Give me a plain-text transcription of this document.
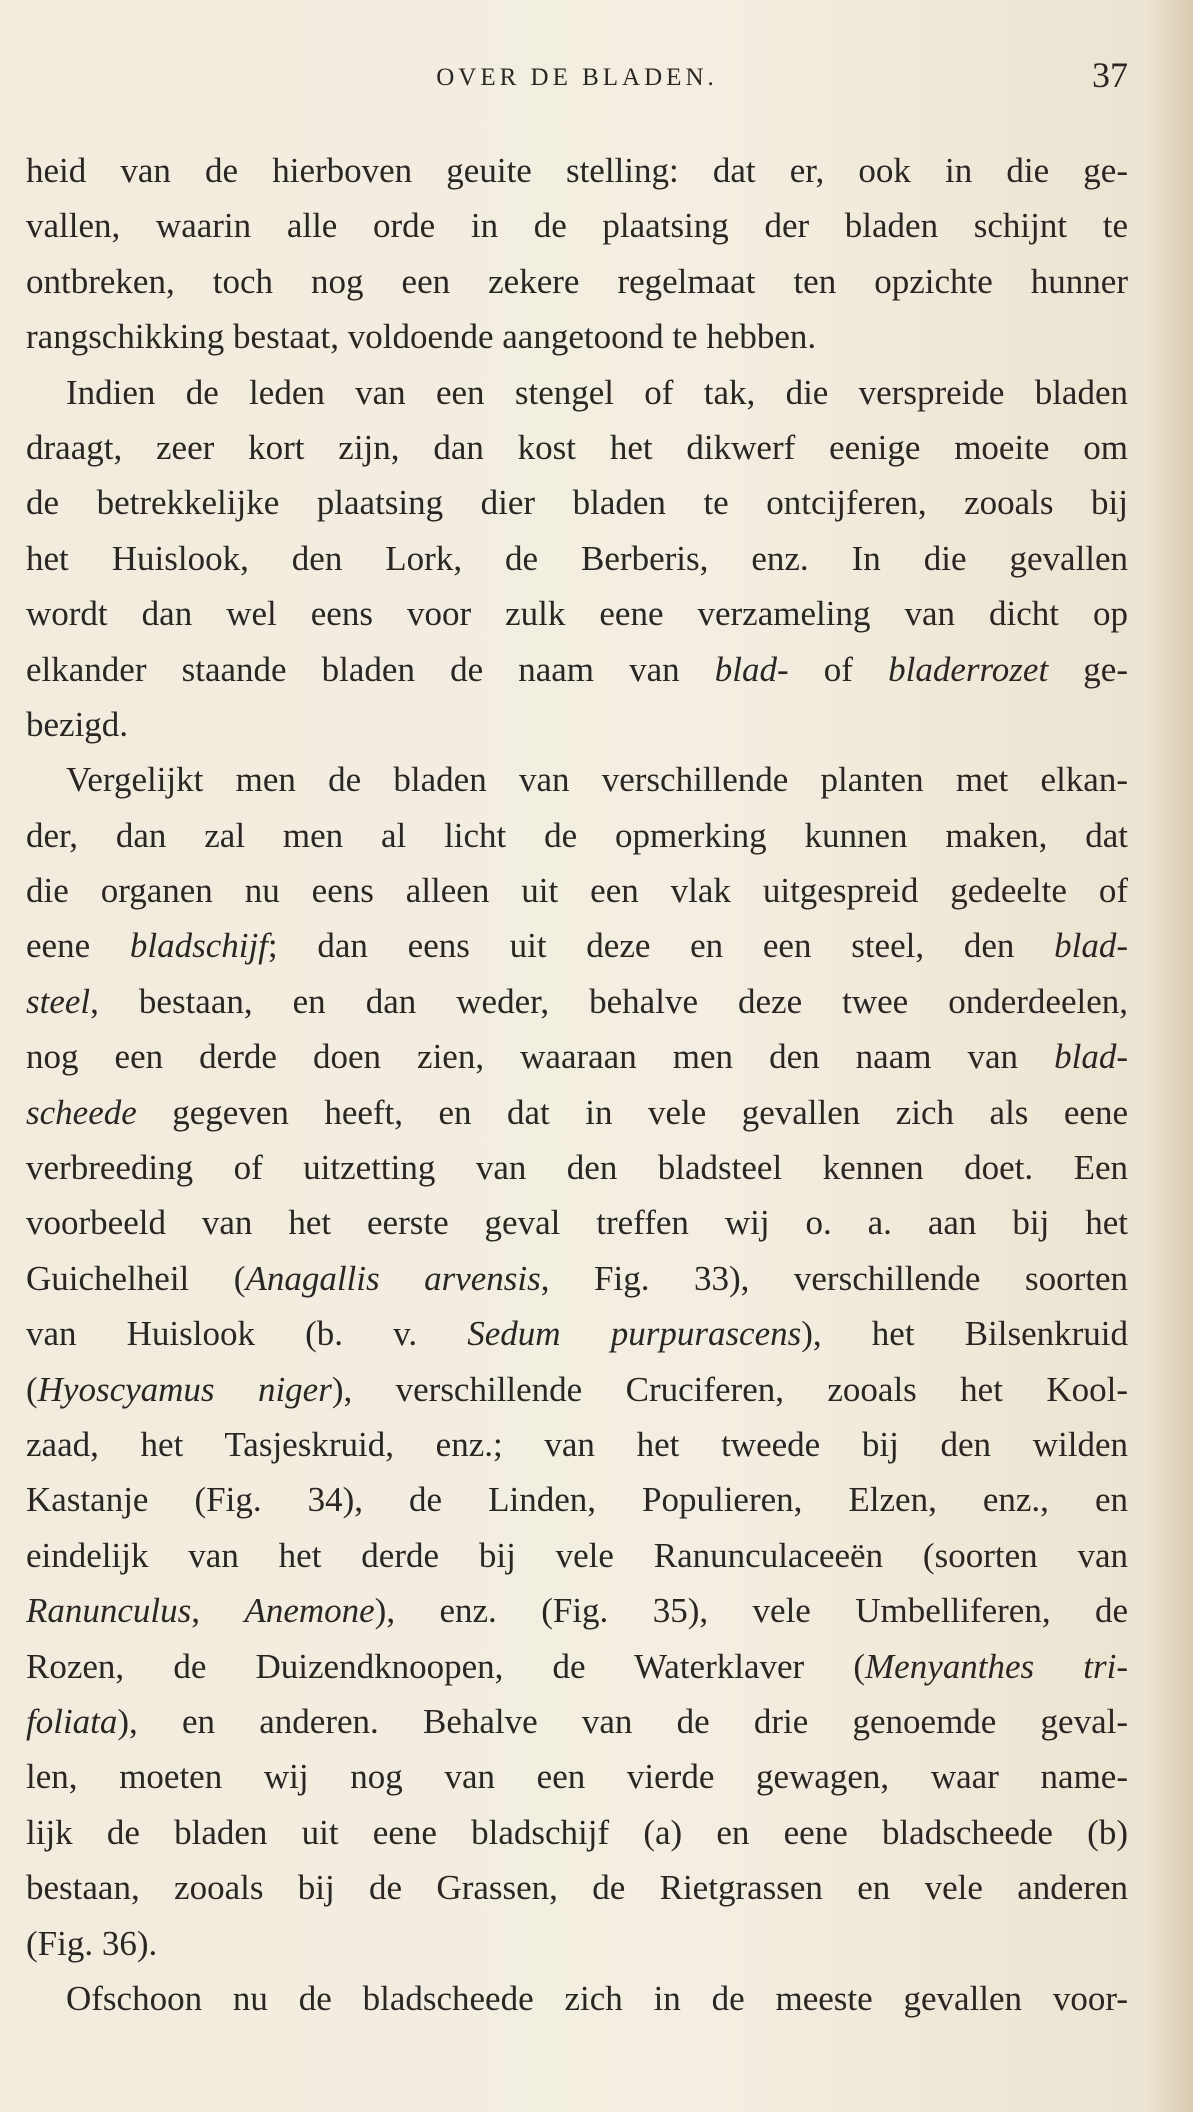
OVER DE BLADEN.	37
heid van de hierboven geuite stelling: dat er, ook in die ge-
vallen, waarin alle orde in de plaatsing der bladen schijnt te
ontbreken, toch nog een zekere regelmaat ten opzichte hunner
rangschikking bestaat, voldoende aangetoond te hebben.
Indien de leden van een stengel of tak, die verspreide bladen
draagt, zeer kort zijn, dan kost het dikwerf eenige moeite om
de betrekkelijke plaatsing dier bladen te ontcijferen, zooals bij
het Huislook, den Lork, de Berberis, enz. In die gevallen
wordt dan wel eens voor zulk eene verzameling van dicht op
elkander staande bladen de naam van blad- of bladerrozet ge-
bezigd.
Vergelijkt men de bladen van verschillende planten met elkan-
der, dan zal men al licht de opmerking kunnen maken, dat
die organen nu eens alleen uit een vlak uitgespreid gedeelte of
eene bladschijf; dan eens uit deze en een steel, den blad-
steel, bestaan, en dan weder, behalve deze twee onderdeelen,
nog een derde doen zien, waaraan men den naam van blad-
scheede gegeven heeft, en dat in vele gevallen zich als eene
verbreeding of uitzetting van den bladsteel kennen doet. Een
voorbeeld van het eerste geval treffen wij o. a. aan bij het
Guichelheil (Anagallis arvensis, Fig. 33), verschillende soorten
van Huislook (b. v. Sedum purpurascens), het Bilsenkruid
(Hyoscyamus niger), verschillende Cruciferen, zooals het Kool-
zaad, het Tasjeskruid, enz.; van het tweede bij den wilden
Kastanje (Fig. 34), de Linden, Populieren, Elzen, enz., en
eindelijk van het derde bij vele Ranunculaceeën (soorten van
Ranunculus, Anemone), enz. (Fig. 35), vele Umbelliferen, de
Rozen, de Duizendknoopen, de Waterklaver (Menyanthes tri-
foliata), en anderen. Behalve van de drie genoemde geval-
len, moeten wij nog van een vierde gewagen, waar name-
lijk de bladen uit eene bladschijf (a) en eene bladscheede (b)
bestaan, zooals bij de Grassen, de Rietgrassen en vele anderen
(Fig. 36).
Ofschoon nu de bladscheede zich in de meeste gevallen voor-
